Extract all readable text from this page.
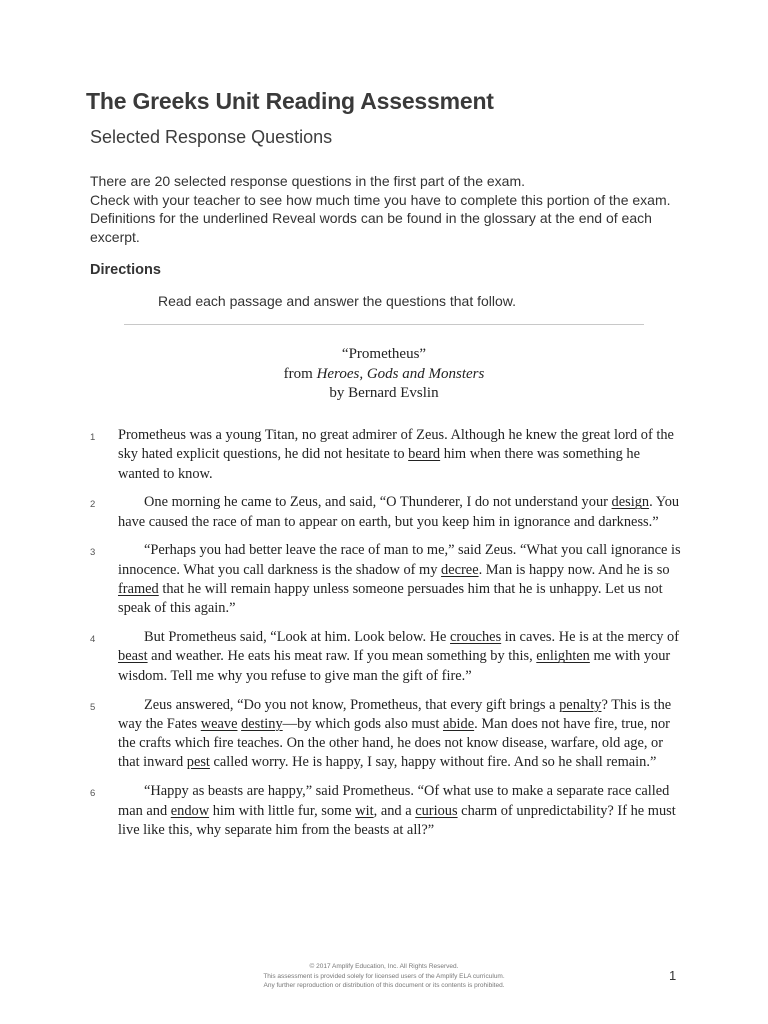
The Greeks Unit Reading Assessment
Selected Response Questions
There are 20 selected response questions in the first part of the exam.
Check with your teacher to see how much time you have to complete this portion of the exam. Definitions for the underlined Reveal words can be found in the glossary at the end of each excerpt.
Directions
Read each passage and answer the questions that follow.
“Prometheus”
from Heroes, Gods and Monsters
by Bernard Evslin
1 Prometheus was a young Titan, no great admirer of Zeus. Although he knew the great lord of the sky hated explicit questions, he did not hesitate to beard him when there was something he wanted to know.
2	One morning he came to Zeus, and said, “O Thunderer, I do not understand your design. You have caused the race of man to appear on earth, but you keep him in ignorance and darkness.”
3	“Perhaps you had better leave the race of man to me,” said Zeus. “What you call ignorance is innocence. What you call darkness is the shadow of my decree. Man is happy now. And he is so framed that he will remain happy unless someone persuades him that he is unhappy. Let us not speak of this again.”
4	But Prometheus said, “Look at him. Look below. He crouches in caves. He is at the mercy of beast and weather. He eats his meat raw. If you mean something by this, enlighten me with your wisdom. Tell me why you refuse to give man the gift of fire.”
5	Zeus answered, “Do you not know, Prometheus, that every gift brings a penalty? This is the way the Fates weave destiny—by which gods also must abide. Man does not have fire, true, nor the crafts which fire teaches. On the other hand, he does not know disease, warfare, old age, or that inward pest called worry. He is happy, I say, happy without fire. And so he shall remain.”
6	“Happy as beasts are happy,” said Prometheus. “Of what use to make a separate race called man and endow him with little fur, some wit, and a curious charm of unpredictability? If he must live like this, why separate him from the beasts at all?”
© 2017 Amplify Education, Inc. All Rights Reserved.
This assessment is provided solely for licensed users of the Amplify ELA curriculum.
Any further reproduction or distribution of this document or its contents is prohibited.
1
